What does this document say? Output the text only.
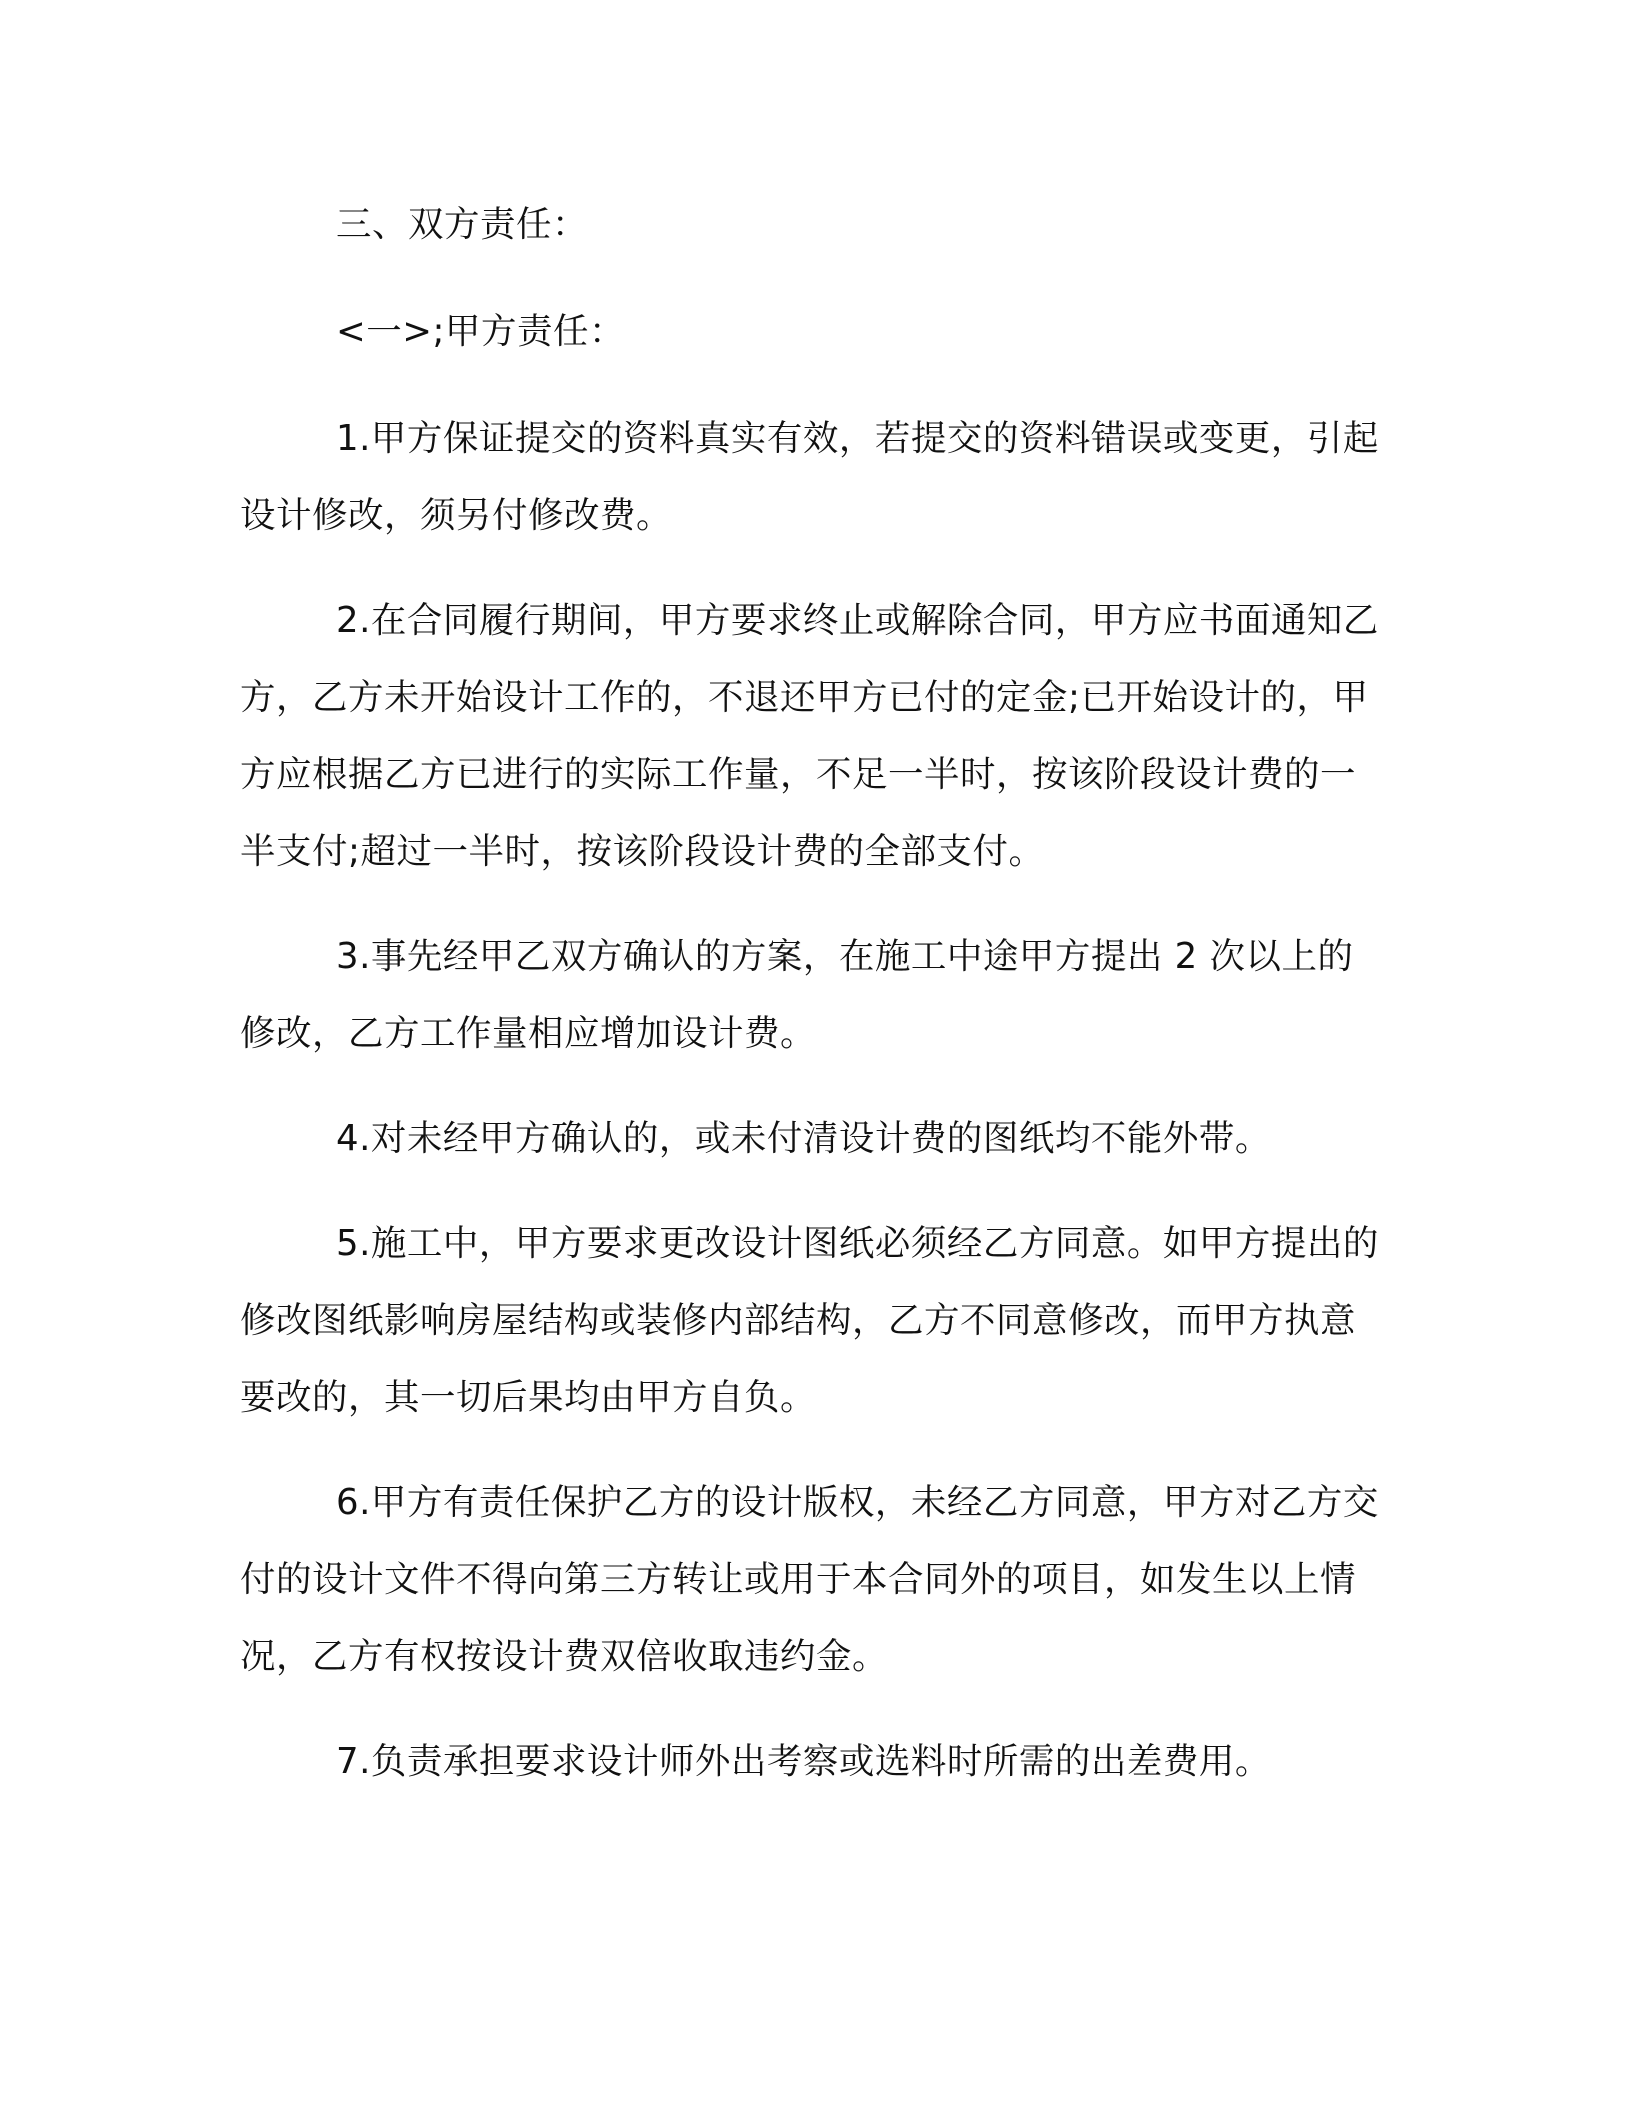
三、双方责任：

<一>;甲方责任：

1.甲方保证提交的资料真实有效，若提交的资料错误或变更，引起设计修改，须另付修改费。

2.在合同履行期间，甲方要求终止或解除合同，甲方应书面通知乙方，乙方未开始设计工作的，不退还甲方已付的定金;已开始设计的，甲方应根据乙方已进行的实际工作量，不足一半时，按该阶段设计费的一半支付;超过一半时，按该阶段设计费的全部支付。

3.事先经甲乙双方确认的方案，在施工中途甲方提出 2 次以上的修改，乙方工作量相应增加设计费。

4.对未经甲方确认的，或未付清设计费的图纸均不能外带。

5.施工中，甲方要求更改设计图纸必须经乙方同意。如甲方提出的修改图纸影响房屋结构或装修内部结构，乙方不同意修改，而甲方执意要改的，其一切后果均由甲方自负。

6.甲方有责任保护乙方的设计版权，未经乙方同意，甲方对乙方交付的设计文件不得向第三方转让或用于本合同外的项目，如发生以上情况，乙方有权按设计费双倍收取违约金。

7.负责承担要求设计师外出考察或选料时所需的出差费用。
